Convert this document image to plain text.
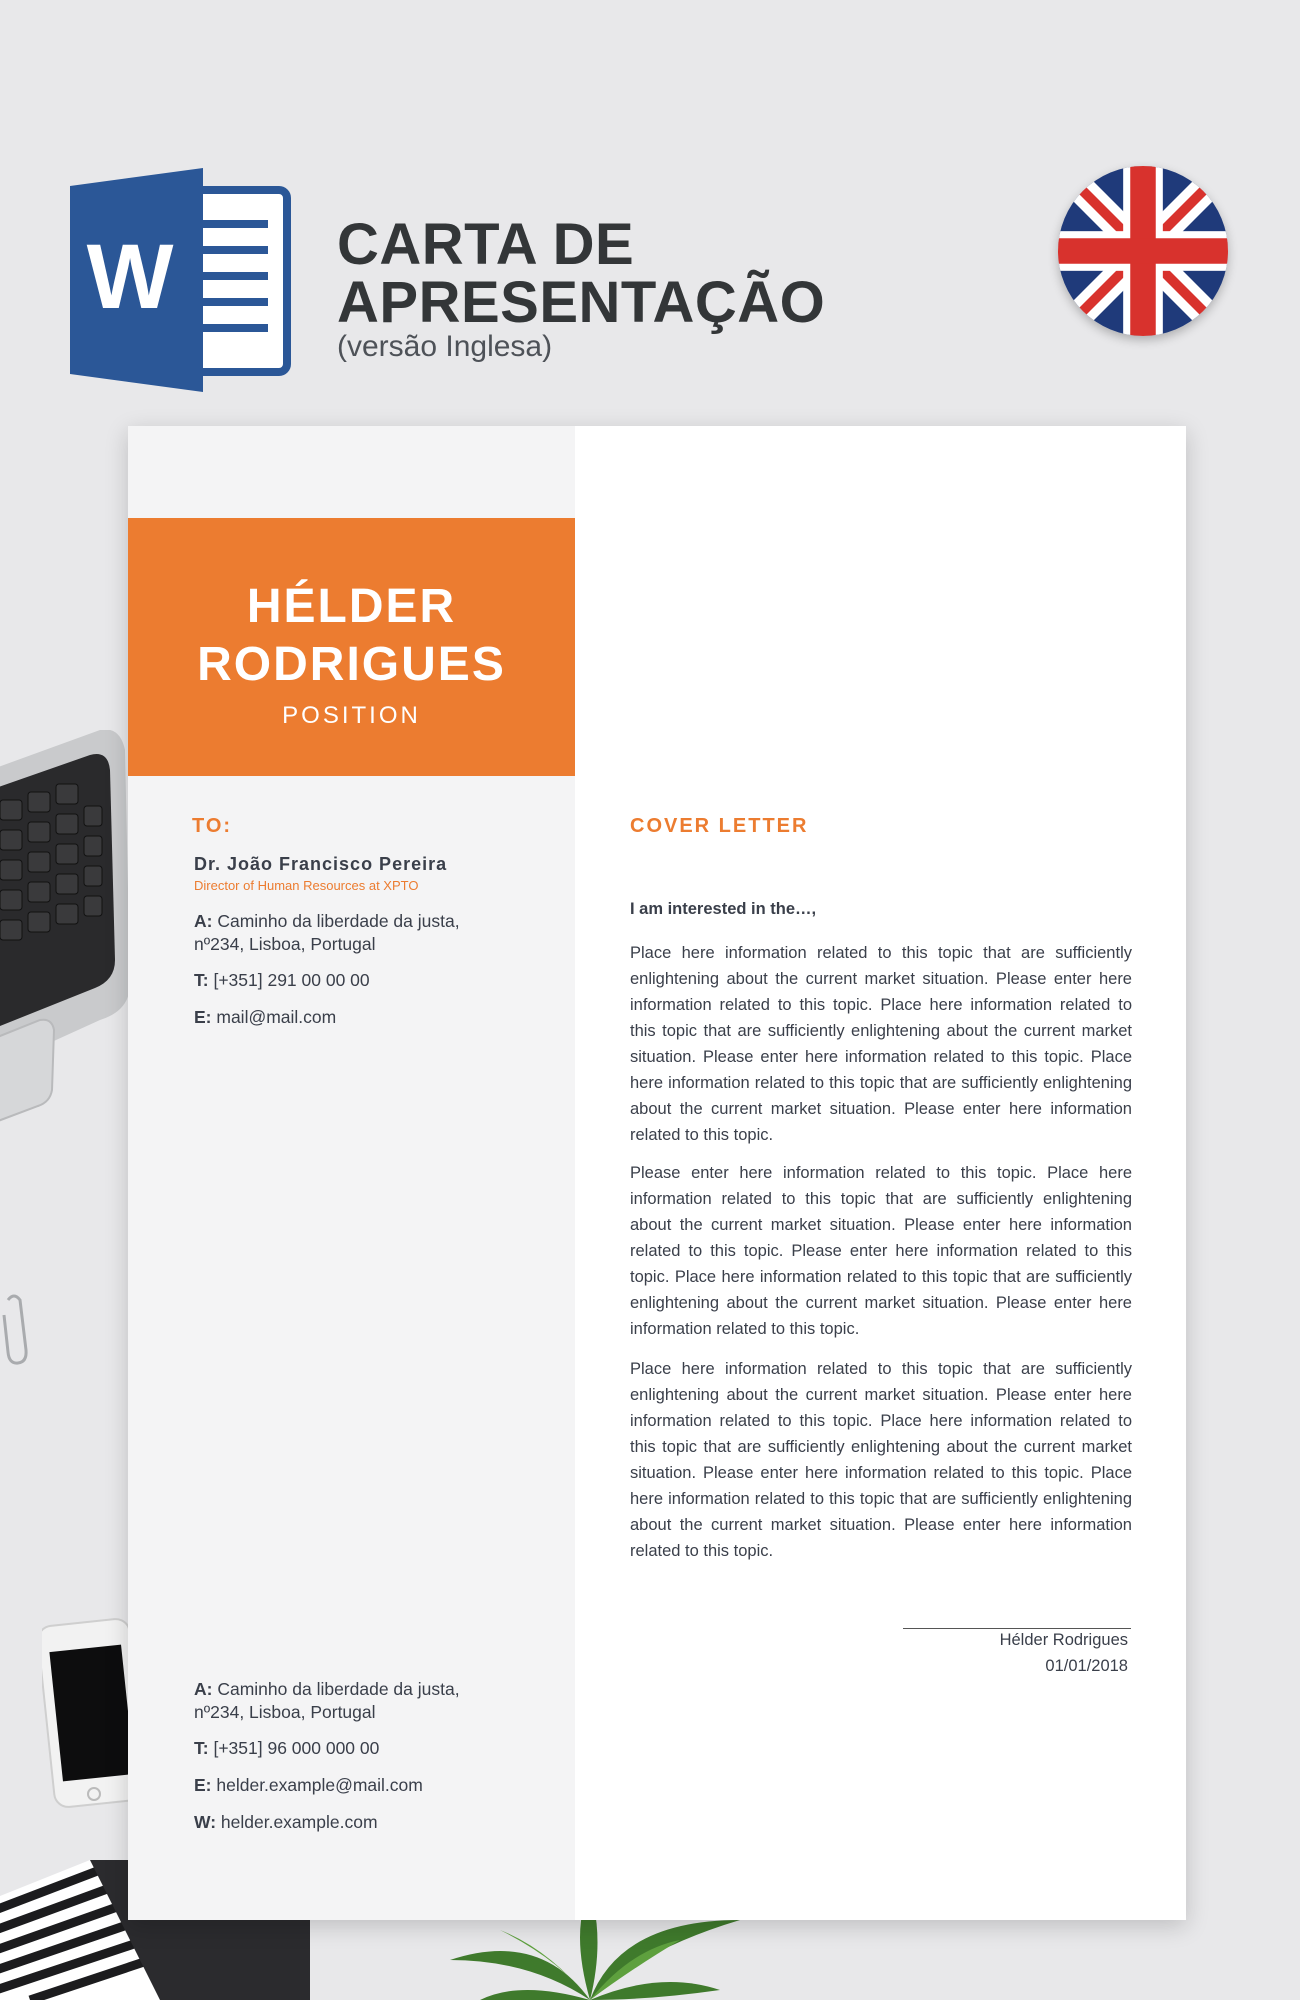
W	CARTA DE
APRESENTAÇÃO
(versão Inglesa)
HÉLDER
RODRIGUES
POSITION
TO:
Dr. João Francisco Pereira
Director of Human Resources at XPTO
A: Caminho da liberdade da justa,
nº234, Lisboa, Portugal
T: [+351] 291 00 00 00
E: mail@mail.com
A: Caminho da liberdade da justa,
nº234, Lisboa, Portugal
T: [+351] 96 000 000 00
E: helder.example@mail.com
W: helder.example.com
COVER LETTER
I am interested in the…,

Place here information related to this topic that are sufficiently enlightening about the current market situation. Please enter here information related to this topic. Place here information related to this topic that are sufficiently enlightening about the current market situation. Please enter here information related to this topic. Place here information related to this topic that are sufficiently enlightening about the current market situation. Please enter here information related to this topic.

Please enter here information related to this topic. Place here information related to this topic that are sufficiently enlightening about the current market situation. Please enter here information related to this topic. Please enter here information related to this topic. Place here information related to this topic that are sufficiently enlightening about the current market situation. Please enter here information related to this topic.

Place here information related to this topic that are sufficiently enlightening about the current market situation. Please enter here information related to this topic. Place here information related to this topic that are sufficiently enlightening about the current market situation. Please enter here information related to this topic. Place here information related to this topic that are sufficiently enlightening about the current market situation. Please enter here information related to this topic.

Hélder Rodrigues
01/01/2018
